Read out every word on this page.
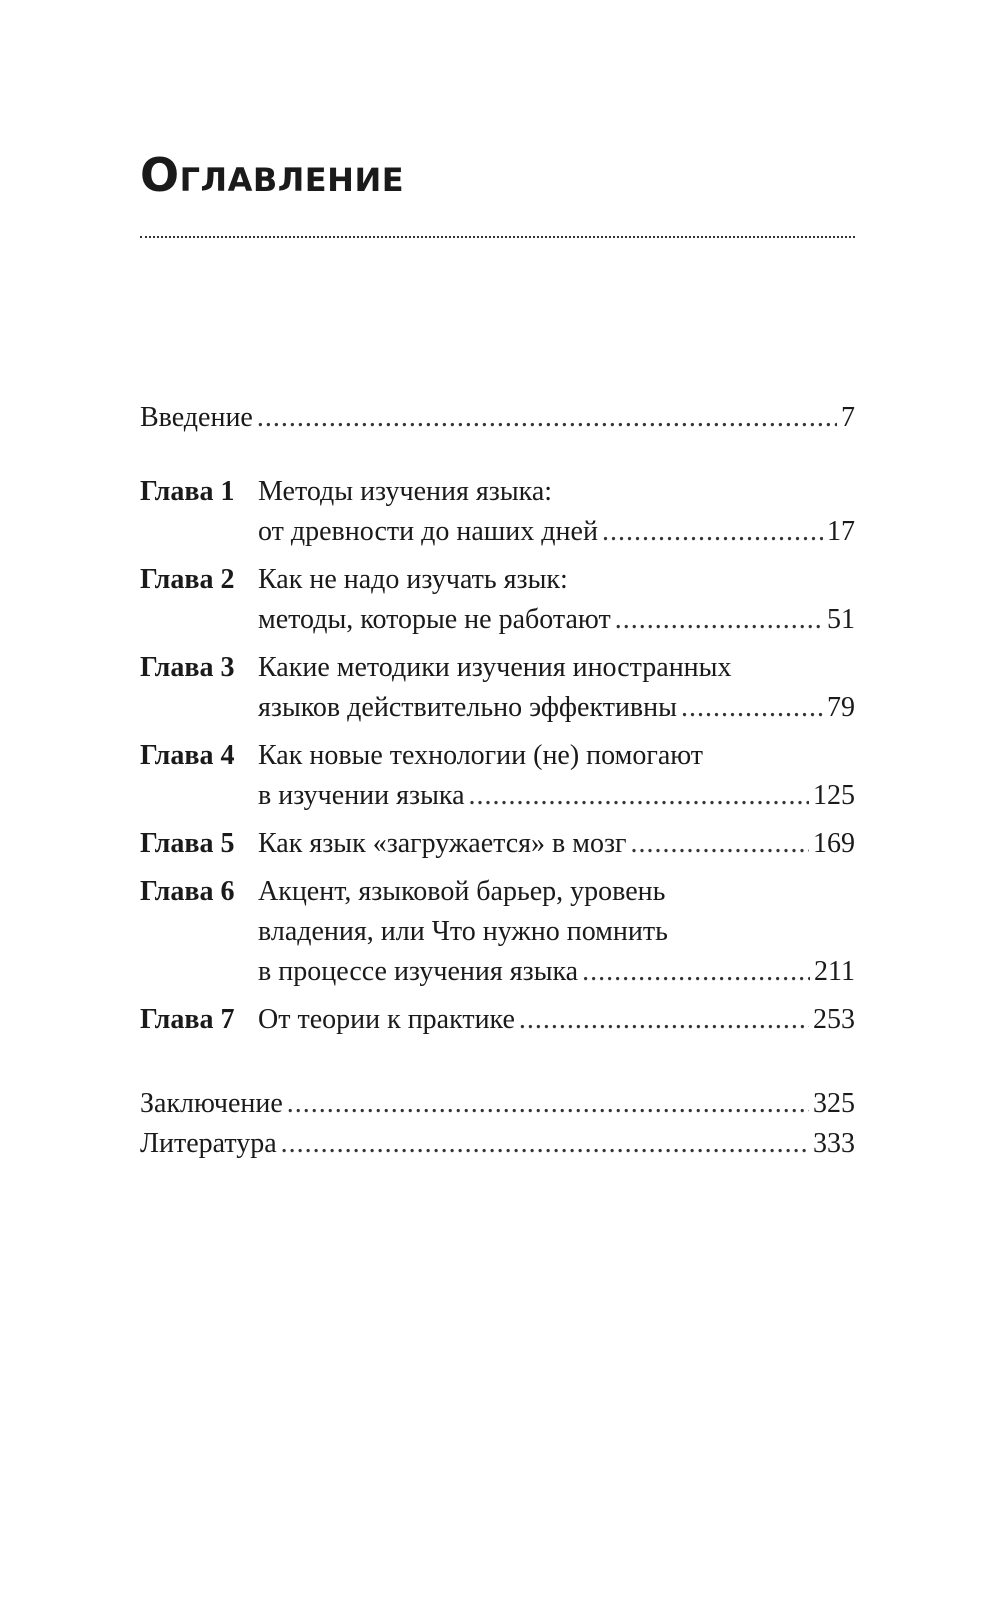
Оглавление
Введение .....	7
Глава 1 Методы изучения языка:
от древности до наших дней .....	17
Глава 2 Как не надо изучать язык:
методы, которые не работают .....	51
Глава 3 Какие методики изучения иностранных
языков действительно эффективны .....	79
Глава 4 Как новые технологии (не) помогают
в изучении языка .....	125
Глава 5 Как язык «загружается» в мозг .....	169
Глава 6 Акцент, языковой барьер, уровень
владения, или Что нужно помнить
в процессе изучения языка .....	211
Глава 7 От теории к практике .....	253
Заключение .....	325
Литература .....	333
